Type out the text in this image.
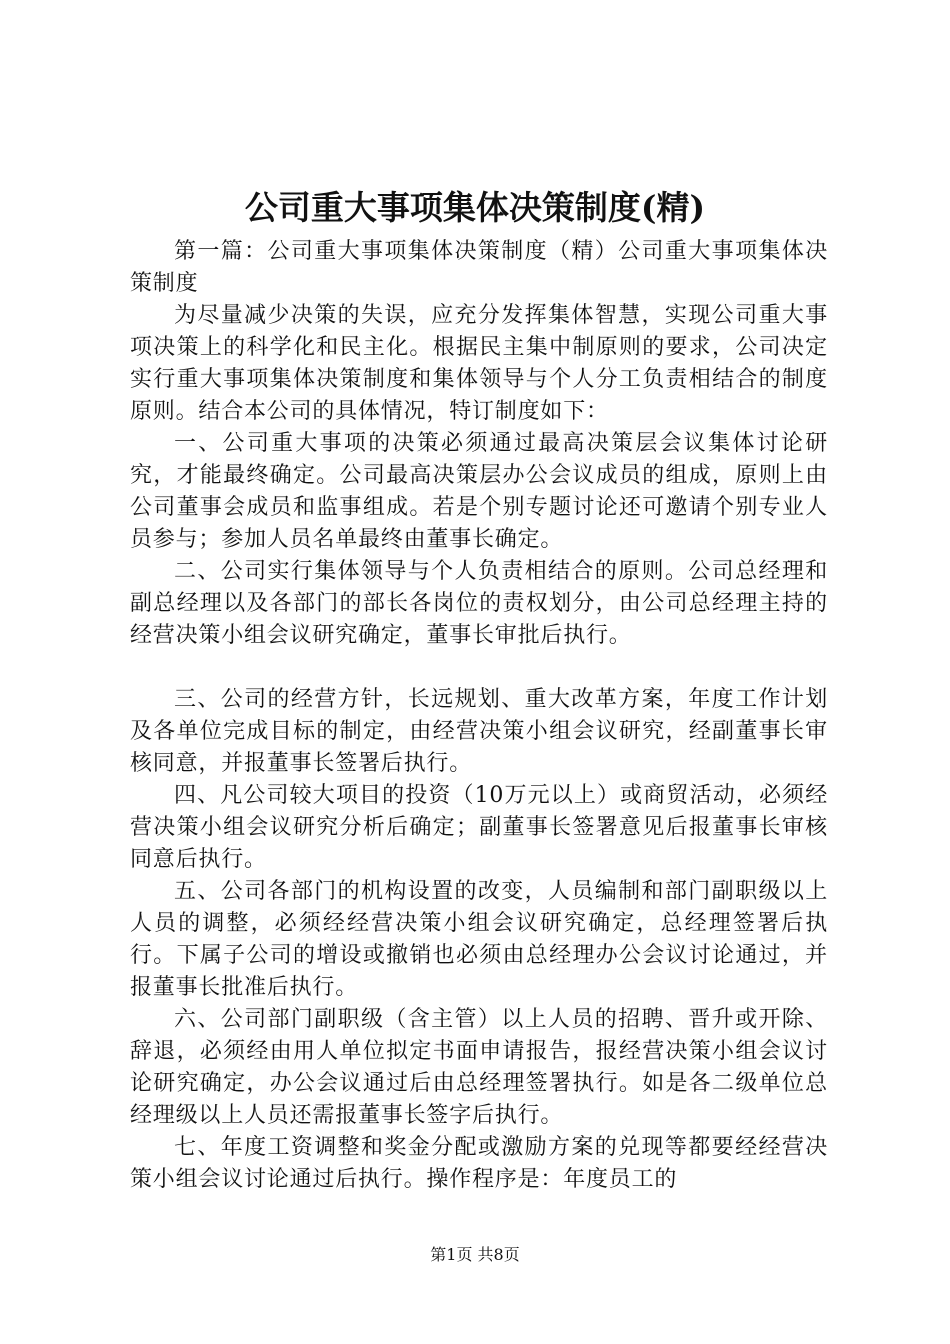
公司重大事项集体决策制度(精)

第一篇：公司重大事项集体决策制度（精）公司重大事项集体决策制度

为尽量减少决策的失误，应充分发挥集体智慧，实现公司重大事项决策上的科学化和民主化。根据民主集中制原则的要求，公司决定实行重大事项集体决策制度和集体领导与个人分工负责相结合的制度原则。结合本公司的具体情况，特订制度如下：

一、公司重大事项的决策必须通过最高决策层会议集体讨论研究，才能最终确定。公司最高决策层办公会议成员的组成，原则上由公司董事会成员和监事组成。若是个别专题讨论还可邀请个别专业人员参与；参加人员名单最终由董事长确定。

二、公司实行集体领导与个人负责相结合的原则。公司总经理和副总经理以及各部门的部长各岗位的责权划分，由公司总经理主持的经营决策小组会议研究确定，董事长审批后执行。

三、公司的经营方针，长远规划、重大改革方案，年度工作计划及各单位完成目标的制定，由经营决策小组会议研究，经副董事长审核同意，并报董事长签署后执行。

四、凡公司较大项目的投资（10万元以上）或商贸活动，必须经营决策小组会议研究分析后确定；副董事长签署意见后报董事长审核同意后执行。

五、公司各部门的机构设置的改变，人员编制和部门副职级以上人员的调整，必须经经营决策小组会议研究确定，总经理签署后执行。下属子公司的增设或撤销也必须由总经理办公会议讨论通过，并报董事长批准后执行。

六、公司部门副职级（含主管）以上人员的招聘、晋升或开除、辞退，必须经由用人单位拟定书面申请报告，报经营决策小组会议讨论研究确定，办公会议通过后由总经理签署执行。如是各二级单位总经理级以上人员还需报董事长签字后执行。

七、年度工资调整和奖金分配或激励方案的兑现等都要经经营决策小组会议讨论通过后执行。操作程序是：年度员工的

第1页 共8页
